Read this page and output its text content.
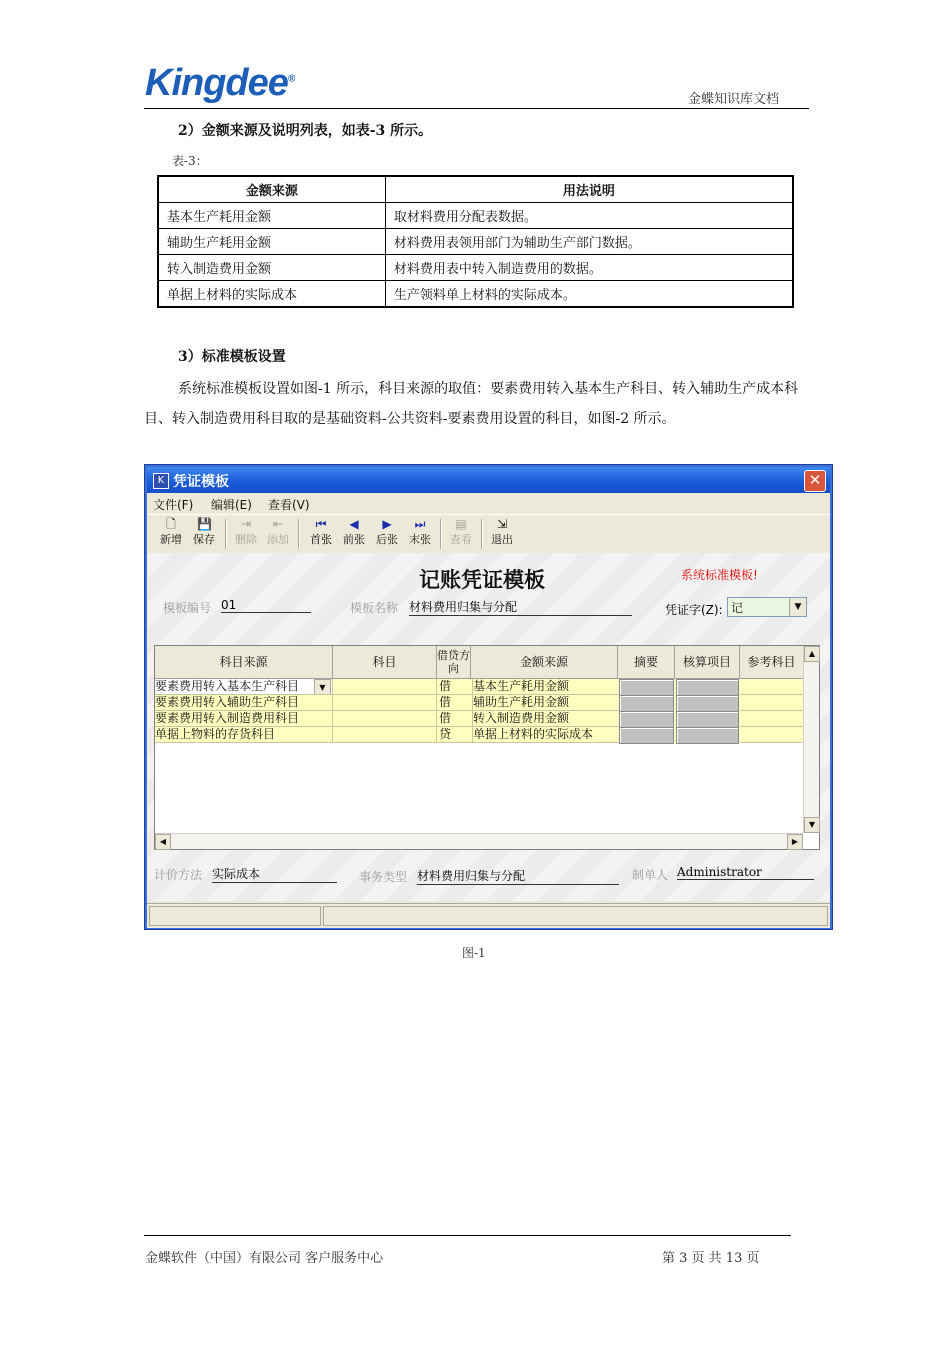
Kingdee®
金蝶知识库文档
2）金额来源及说明列表，如表-3 所示。
表-3：
金额来源	用法说明
基本生产耗用金额	取材料费用分配表数据。
辅助生产耗用金额	材料费用表领用部门为辅助生产部门数据。
转入制造费用金额	材料费用表中转入制造费用的数据。
单据上材料的实际成本	生产领料单上材料的实际成本。
3）标准模板设置
系统标准模板设置如图-1 所示，科目来源的取值：要素费用转入基本生产科目、转入辅助生产成本科目、转入制造费用科目取的是基础资料-公共资料-要素费用设置的科目，如图-2 所示。
K 凭证模板	✕
文件(F) 编辑(E) 查看(V)
🗋
新增
💾
保存
⇥
删除
⇤
添加
⏮
首张
◀
前张
▶
后张
⏭
末张
▤
查看
⇲
退出
记账凭证模板	系统标准模板!
模板编号 01	模板名称 材料费用归集与分配	凭证字(Z): 记	▼
科目来源	科目	借贷方向	金额来源	摘要	核算项目	参考科目
要素费用转入基本生产科目	▼	借	基本生产耗用金额
要素费用转入辅助生产科目	借	辅助生产耗用金额
要素费用转入制造费用科目	借	转入制造费用金额
单据上物料的存货科目	贷	单据上材料的实际成本
▲
▼
◀	▶
计价方法 实际成本	事务类型 材料费用归集与分配	制单人 Administrator
图-1
金蝶软件（中国）有限公司 客户服务中心	第 3 页 共 13 页
